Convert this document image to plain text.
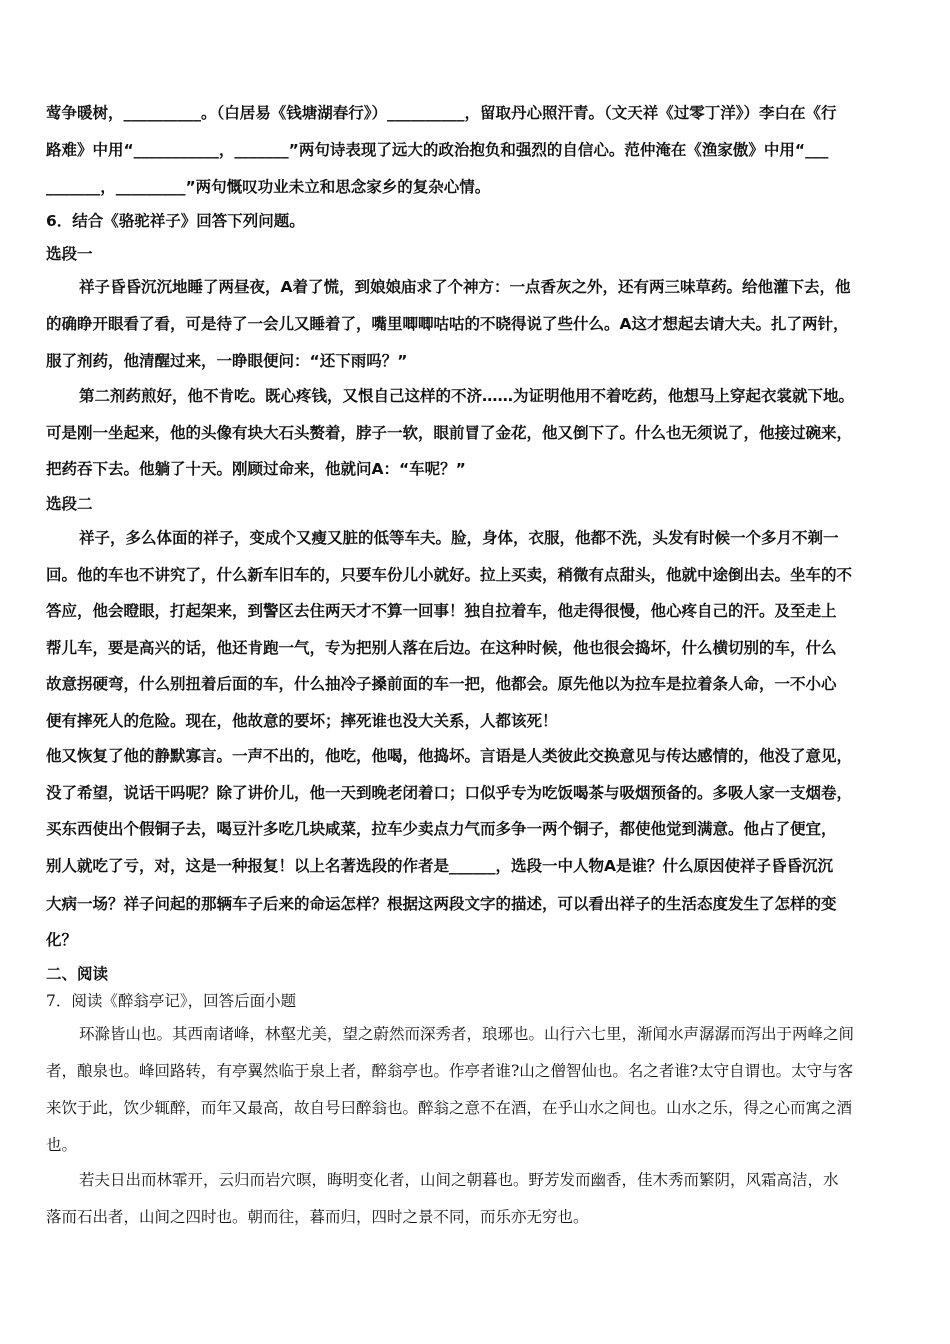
莺争暖树，__________。（白居易《钱塘湖春行》）__________，留取丹心照汗青。（文天祥《过零丁洋》）李白在《行
路难》中用“___________，_______”两句诗表现了远大的政治抱负和强烈的自信心。范仲淹在《渔家傲》中用“___
_______，_________”两句慨叹功业未立和思念家乡的复杂心情。
6．结合《骆驼祥子》回答下列问题。
选段一
祥子昏昏沉沉地睡了两昼夜，A着了慌，到娘娘庙求了个神方：一点香灰之外，还有两三味草药。给他灌下去，他
的确睁开眼看了看，可是待了一会儿又睡着了，嘴里唧唧咕咕的不晓得说了些什么。A这才想起去请大夫。扎了两针，
服了剂药，他清醒过来，一睁眼便问：“还下雨吗？”
第二剂药煎好，他不肯吃。既心疼钱，又恨自己这样的不济……为证明他用不着吃药，他想马上穿起衣裳就下地。
可是刚一坐起来，他的头像有块大石头赘着，脖子一软，眼前冒了金花，他又倒下了。什么也无须说了，他接过碗来，
把药吞下去。他躺了十天。刚顾过命来，他就问A：“车呢？”
选段二
祥子，多么体面的祥子，变成个又瘦又脏的低等车夫。脸，身体，衣服，他都不洗，头发有时候一个多月不剃一
回。他的车也不讲究了，什么新车旧车的，只要车份儿小就好。拉上买卖，稍微有点甜头，他就中途倒出去。坐车的不
答应，他会瞪眼，打起架来，到警区去住两天才不算一回事！独自拉着车，他走得很慢，他心疼自己的汗。及至走上
帮儿车，要是高兴的话，他还肯跑一气，专为把别人落在后边。在这种时候，他也很会捣坏，什么横切别的车，什么
故意拐硬弯，什么别扭着后面的车，什么抽冷子搡前面的车一把，他都会。原先他以为拉车是拉着条人命，一不小心
便有摔死人的危险。现在，他故意的要坏；摔死谁也没大关系，人都该死！
他又恢复了他的静默寡言。一声不出的，他吃，他喝，他捣坏。言语是人类彼此交换意见与传达感情的，他没了意见，
没了希望，说话干吗呢？除了讲价儿，他一天到晚老闭着口；口似乎专为吃饭喝茶与吸烟预备的。多吸人家一支烟卷，
买东西使出个假铜子去，喝豆汁多吃几块咸菜，拉车少卖点力气而多争一两个铜子，都使他觉到满意。他占了便宜，
别人就吃了亏，对，这是一种报复！以上名著选段的作者是______，选段一中人物A是谁？什么原因使祥子昏昏沉沉
大病一场？祥子问起的那辆车子后来的命运怎样？根据这两段文字的描述，可以看出祥子的生活态度发生了怎样的变
化？
二、阅读
7．阅读《醉翁亭记》，回答后面小题
环滁皆山也。其西南诸峰，林壑尤美，望之蔚然而深秀者，琅琊也。山行六七里，渐闻水声潺潺而泻出于两峰之间
者，酿泉也。峰回路转，有亭翼然临于泉上者，醉翁亭也。作亭者谁?山之僧智仙也。名之者谁?太守自谓也。太守与客
来饮于此，饮少辄醉，而年又最高，故自号曰醉翁也。醉翁之意不在酒，在乎山水之间也。山水之乐，得之心而寓之酒
也。
若夫日出而林霏开，云归而岩穴暝，晦明变化者，山间之朝暮也。野芳发而幽香，佳木秀而繁阴，风霜高洁，水
落而石出者，山间之四时也。朝而往，暮而归，四时之景不同，而乐亦无穷也。
